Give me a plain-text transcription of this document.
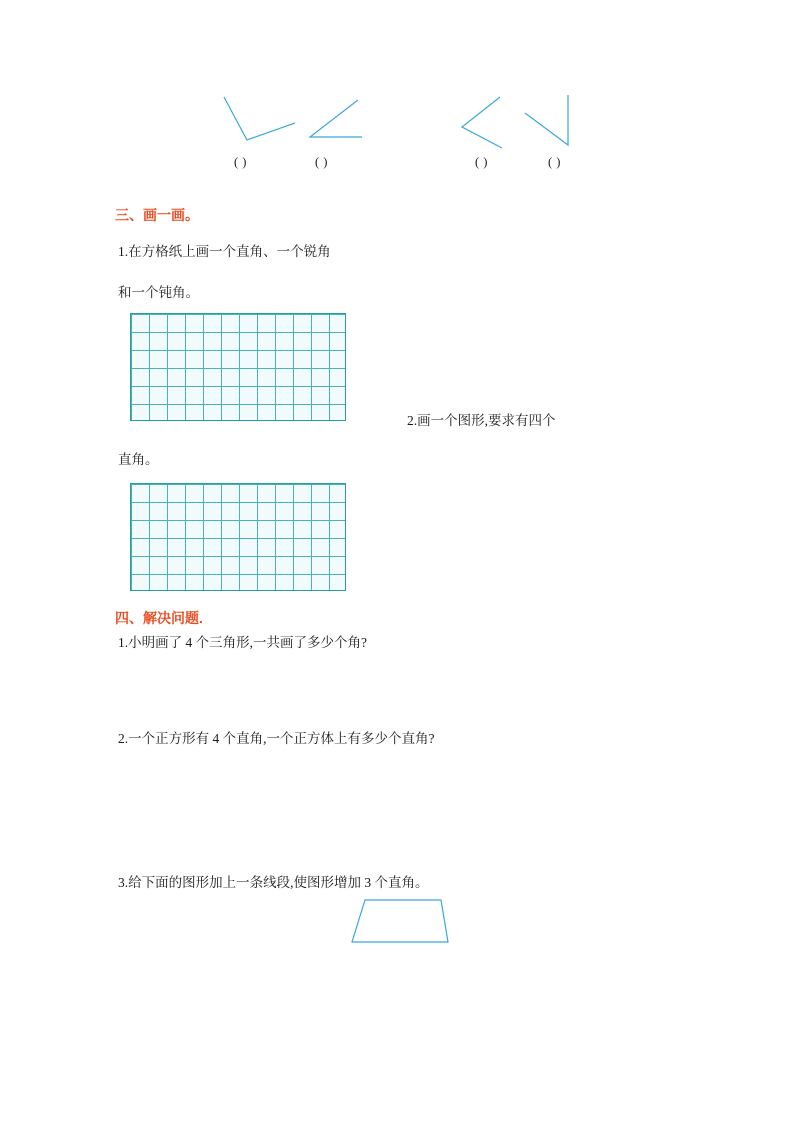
( )	( )	( )	( )
三、画一画。
1.在方格纸上画一个直角、一个锐角
和一个钝角。
2.画一个图形,要求有四个
直角。
四、解决问题.
1.小明画了 4 个三角形,一共画了多少个角?
2.一个正方形有 4 个直角,一个正方体上有多少个直角?
3.给下面的图形加上一条线段,使图形增加 3 个直角。
